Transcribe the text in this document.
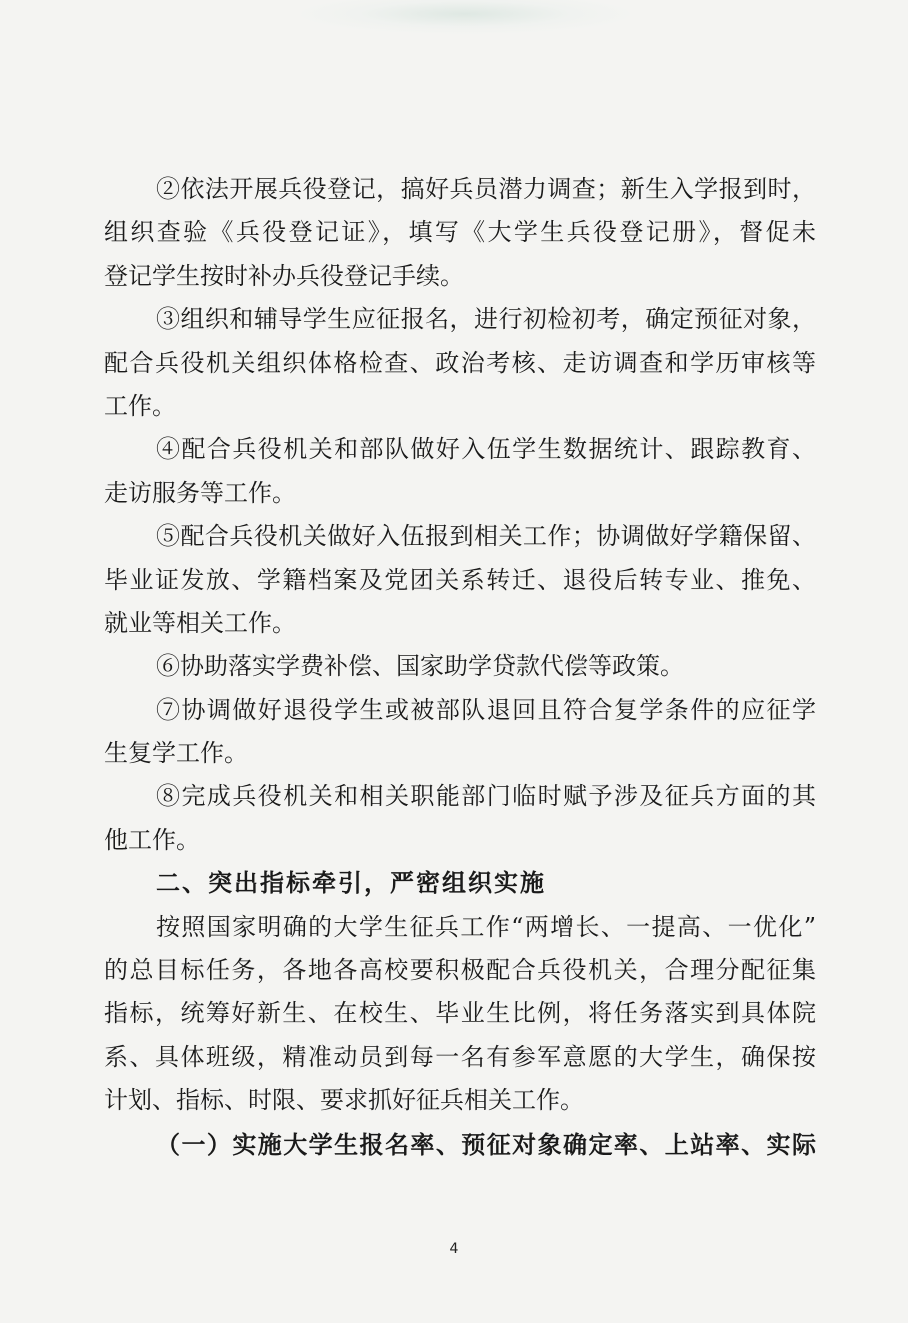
②依法开展兵役登记，搞好兵员潜力调查；新生入学报到时，
组织查验《兵役登记证》，填写《大学生兵役登记册》，督促未
登记学生按时补办兵役登记手续。
③组织和辅导学生应征报名，进行初检初考，确定预征对象，
配合兵役机关组织体格检查、政治考核、走访调查和学历审核等
工作。
④配合兵役机关和部队做好入伍学生数据统计、跟踪教育、
走访服务等工作。
⑤配合兵役机关做好入伍报到相关工作；协调做好学籍保留、
毕业证发放、学籍档案及党团关系转迁、退役后转专业、推免、
就业等相关工作。
⑥协助落实学费补偿、国家助学贷款代偿等政策。
⑦协调做好退役学生或被部队退回且符合复学条件的应征学
生复学工作。
⑧完成兵役机关和相关职能部门临时赋予涉及征兵方面的其
他工作。
二、突出指标牵引，严密组织实施
按照国家明确的大学生征兵工作“两增长、一提高、一优化”
的总目标任务，各地各高校要积极配合兵役机关，合理分配征集
指标，统筹好新生、在校生、毕业生比例，将任务落实到具体院
系、具体班级，精准动员到每一名有参军意愿的大学生，确保按
计划、指标、时限、要求抓好征兵相关工作。
（一）实施大学生报名率、预征对象确定率、上站率、实际
4
